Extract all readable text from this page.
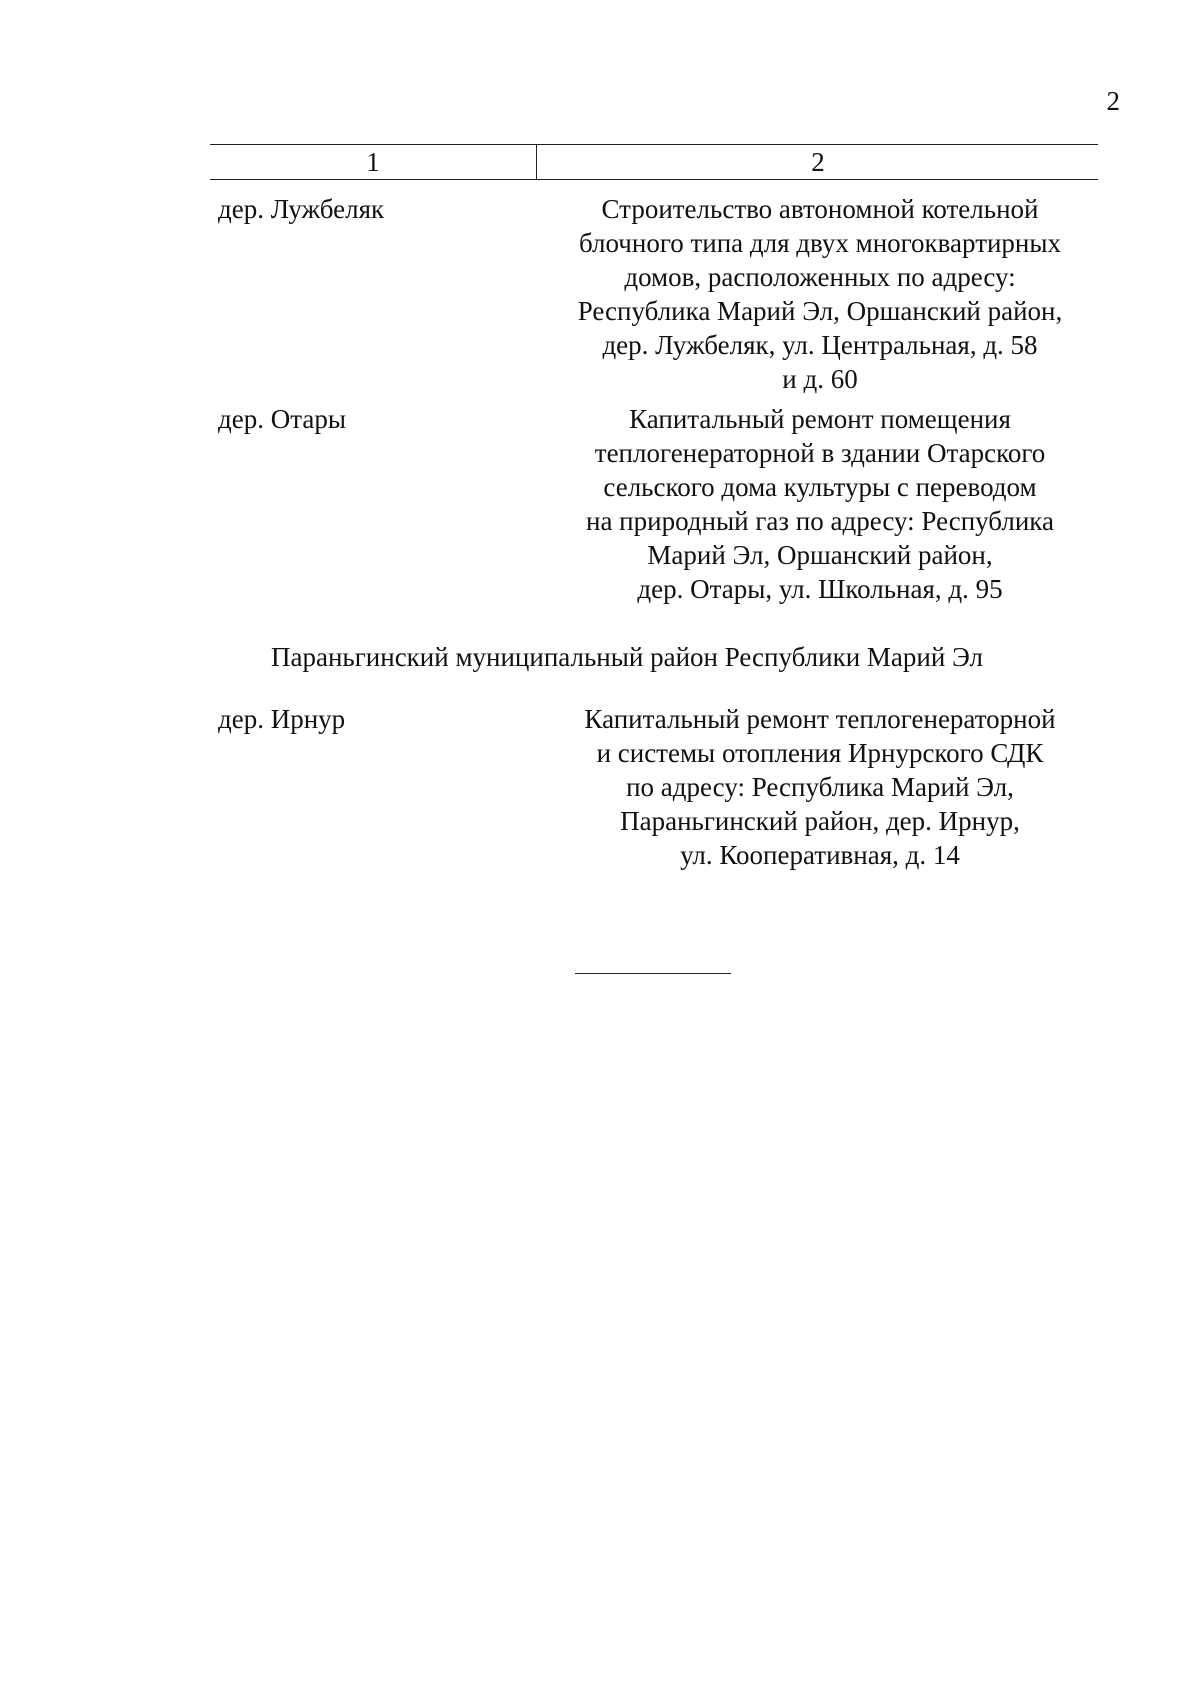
2
1	2
дер. Лужбеляк	Строительство автономной котельной
блочного типа для двух многоквартирных
домов, расположенных по адресу:
Республика Марий Эл, Оршанский район,
дер. Лужбеляк, ул. Центральная, д. 58
и д. 60
дер. Отары	Капитальный ремонт помещения
теплогенераторной в здании Отарского
сельского дома культуры с переводом
на природный газ по адресу: Республика
Марий Эл, Оршанский район,
дер. Отары, ул. Школьная, д. 95
Параньгинский муниципальный район Республики Марий Эл
дер. Ирнур	Капитальный ремонт теплогенераторной
и системы отопления Ирнурского СДК
по адресу: Республика Марий Эл,
Параньгинский район, дер. Ирнур,
ул. Кооперативная, д. 14
